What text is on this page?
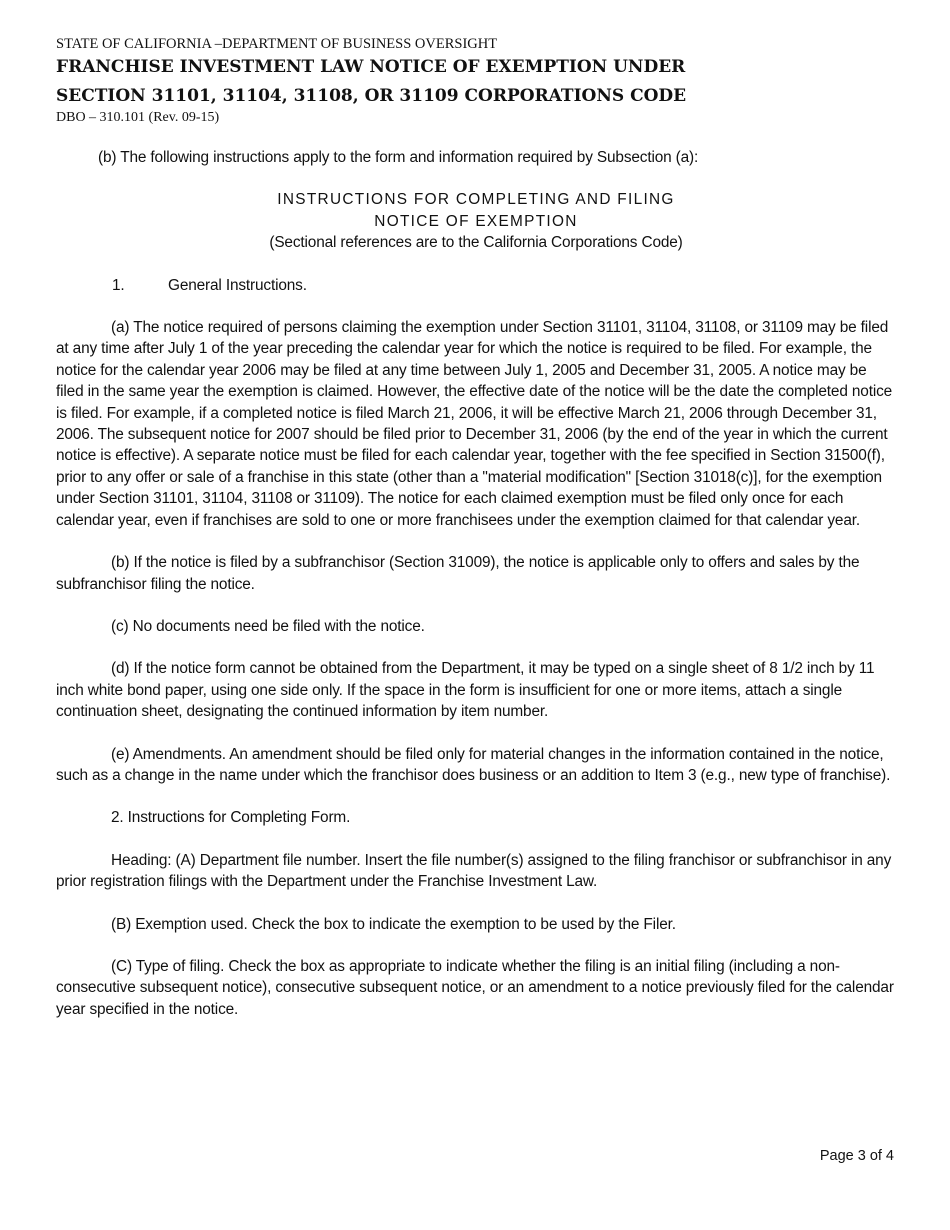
STATE OF CALIFORNIA –DEPARTMENT OF BUSINESS OVERSIGHT
FRANCHISE INVESTMENT LAW NOTICE OF EXEMPTION UNDER
SECTION 31101, 31104, 31108, OR 31109 CORPORATIONS CODE
DBO – 310.101 (Rev. 09-15)
(b) The following instructions apply to the form and information required by Subsection (a):
INSTRUCTIONS FOR COMPLETING AND FILING
NOTICE OF EXEMPTION
(Sectional references are to the California Corporations Code)
1.	General Instructions.

(a) The notice required of persons claiming the exemption under Section 31101, 31104, 31108, or 31109 may be filed at any time after July 1 of the year preceding the calendar year for which the notice is required to be filed. For example, the notice for the calendar year 2006 may be filed at any time between July 1, 2005 and December 31, 2005. A notice may be filed in the same year the exemption is claimed. However, the effective date of the notice will be the date the completed notice is filed. For example, if a completed notice is filed March 21, 2006, it will be effective March 21, 2006 through December 31, 2006. The subsequent notice for 2007 should be filed prior to December 31, 2006 (by the end of the year in which the current notice is effective). A separate notice must be filed for each calendar year, together with the fee specified in Section 31500(f), prior to any offer or sale of a franchise in this state (other than a "material modification" [Section 31018(c)], for the exemption under Section 31101, 31104, 31108 or 31109). The notice for each claimed exemption must be filed only once for each calendar year, even if franchises are sold to one or more franchisees under the exemption claimed for that calendar year.

(b) If the notice is filed by a subfranchisor (Section 31009), the notice is applicable only to offers and sales by the subfranchisor filing the notice.

(c) No documents need be filed with the notice.

(d) If the notice form cannot be obtained from the Department, it may be typed on a single sheet of 8 1/2 inch by 11 inch white bond paper, using one side only. If the space in the form is insufficient for one or more items, attach a single continuation sheet, designating the continued information by item number.

(e) Amendments. An amendment should be filed only for material changes in the information contained in the notice, such as a change in the name under which the franchisor does business or an addition to Item 3 (e.g., new type of franchise).

2. Instructions for Completing Form.

Heading: (A) Department file number. Insert the file number(s) assigned to the filing franchisor or subfranchisor in any prior registration filings with the Department under the Franchise Investment Law.

(B) Exemption used. Check the box to indicate the exemption to be used by the Filer.

(C) Type of filing. Check the box as appropriate to indicate whether the filing is an initial filing (including a non-consecutive subsequent notice), consecutive subsequent notice, or an amendment to a notice previously filed for the calendar year specified in the notice.

Page 3 of 4
